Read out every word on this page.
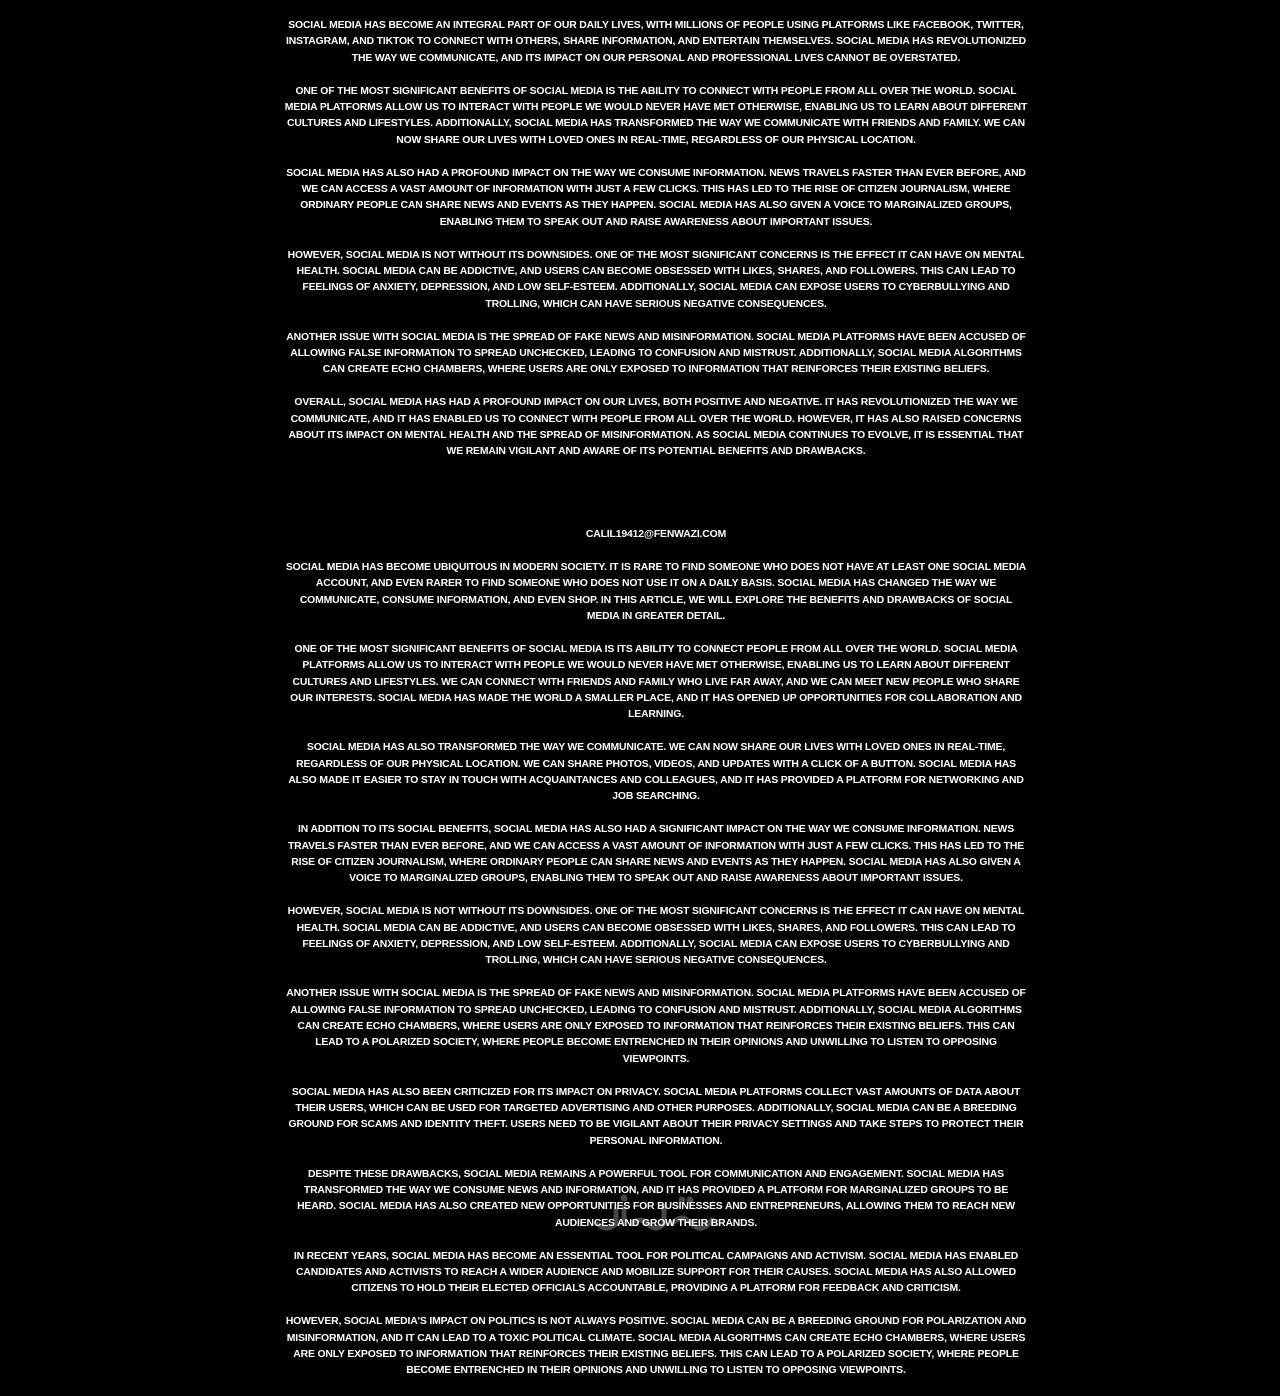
SOCIAL MEDIA HAS BECOME AN INTEGRAL PART OF OUR DAILY LIVES, WITH MILLIONS OF PEOPLE USING PLATFORMS LIKE FACEBOOK, TWITTER, INSTAGRAM, AND TIKTOK TO CONNECT WITH OTHERS, SHARE INFORMATION, AND ENTERTAIN THEMSELVES. SOCIAL MEDIA HAS REVOLUTIONIZED THE WAY WE COMMUNICATE, AND ITS IMPACT ON OUR PERSONAL AND PROFESSIONAL LIVES CANNOT BE OVERSTATED.

ONE OF THE MOST SIGNIFICANT BENEFITS OF SOCIAL MEDIA IS THE ABILITY TO CONNECT WITH PEOPLE FROM ALL OVER THE WORLD. SOCIAL MEDIA PLATFORMS ALLOW US TO INTERACT WITH PEOPLE WE WOULD NEVER HAVE MET OTHERWISE, ENABLING US TO LEARN ABOUT DIFFERENT CULTURES AND LIFESTYLES. ADDITIONALLY, SOCIAL MEDIA HAS TRANSFORMED THE WAY WE COMMUNICATE WITH FRIENDS AND FAMILY. WE CAN NOW SHARE OUR LIVES WITH LOVED ONES IN REAL-TIME, REGARDLESS OF OUR PHYSICAL LOCATION.

SOCIAL MEDIA HAS ALSO HAD A PROFOUND IMPACT ON THE WAY WE CONSUME INFORMATION. NEWS TRAVELS FASTER THAN EVER BEFORE, AND WE CAN ACCESS A VAST AMOUNT OF INFORMATION WITH JUST A FEW CLICKS. THIS HAS LED TO THE RISE OF CITIZEN JOURNALISM, WHERE ORDINARY PEOPLE CAN SHARE NEWS AND EVENTS AS THEY HAPPEN. SOCIAL MEDIA HAS ALSO GIVEN A VOICE TO MARGINALIZED GROUPS, ENABLING THEM TO SPEAK OUT AND RAISE AWARENESS ABOUT IMPORTANT ISSUES.

HOWEVER, SOCIAL MEDIA IS NOT WITHOUT ITS DOWNSIDES. ONE OF THE MOST SIGNIFICANT CONCERNS IS THE EFFECT IT CAN HAVE ON MENTAL HEALTH. SOCIAL MEDIA CAN BE ADDICTIVE, AND USERS CAN BECOME OBSESSED WITH LIKES, SHARES, AND FOLLOWERS. THIS CAN LEAD TO FEELINGS OF ANXIETY, DEPRESSION, AND LOW SELF-ESTEEM. ADDITIONALLY, SOCIAL MEDIA CAN EXPOSE USERS TO CYBERBULLYING AND TROLLING, WHICH CAN HAVE SERIOUS NEGATIVE CONSEQUENCES.

ANOTHER ISSUE WITH SOCIAL MEDIA IS THE SPREAD OF FAKE NEWS AND MISINFORMATION. SOCIAL MEDIA PLATFORMS HAVE BEEN ACCUSED OF ALLOWING FALSE INFORMATION TO SPREAD UNCHECKED, LEADING TO CONFUSION AND MISTRUST. ADDITIONALLY, SOCIAL MEDIA ALGORITHMS CAN CREATE ECHO CHAMBERS, WHERE USERS ARE ONLY EXPOSED TO INFORMATION THAT REINFORCES THEIR EXISTING BELIEFS.

OVERALL, SOCIAL MEDIA HAS HAD A PROFOUND IMPACT ON OUR LIVES, BOTH POSITIVE AND NEGATIVE. IT HAS REVOLUTIONIZED THE WAY WE COMMUNICATE, AND IT HAS ENABLED US TO CONNECT WITH PEOPLE FROM ALL OVER THE WORLD. HOWEVER, IT HAS ALSO RAISED CONCERNS ABOUT ITS IMPACT ON MENTAL HEALTH AND THE SPREAD OF MISINFORMATION. AS SOCIAL MEDIA CONTINUES TO EVOLVE, IT IS ESSENTIAL THAT WE REMAIN VIGILANT AND AWARE OF ITS POTENTIAL BENEFITS AND DRAWBACKS.

CALIL19412@FENWAZI.COM

SOCIAL MEDIA HAS BECOME UBIQUITOUS IN MODERN SOCIETY. IT IS RARE TO FIND SOMEONE WHO DOES NOT HAVE AT LEAST ONE SOCIAL MEDIA ACCOUNT, AND EVEN RARER TO FIND SOMEONE WHO DOES NOT USE IT ON A DAILY BASIS. SOCIAL MEDIA HAS CHANGED THE WAY WE COMMUNICATE, CONSUME INFORMATION, AND EVEN SHOP. IN THIS ARTICLE, WE WILL EXPLORE THE BENEFITS AND DRAWBACKS OF SOCIAL MEDIA IN GREATER DETAIL.

ONE OF THE MOST SIGNIFICANT BENEFITS OF SOCIAL MEDIA IS ITS ABILITY TO CONNECT PEOPLE FROM ALL OVER THE WORLD. SOCIAL MEDIA PLATFORMS ALLOW US TO INTERACT WITH PEOPLE WE WOULD NEVER HAVE MET OTHERWISE, ENABLING US TO LEARN ABOUT DIFFERENT CULTURES AND LIFESTYLES. WE CAN CONNECT WITH FRIENDS AND FAMILY WHO LIVE FAR AWAY, AND WE CAN MEET NEW PEOPLE WHO SHARE OUR INTERESTS. SOCIAL MEDIA HAS MADE THE WORLD A SMALLER PLACE, AND IT HAS OPENED UP OPPORTUNITIES FOR COLLABORATION AND LEARNING.

SOCIAL MEDIA HAS ALSO TRANSFORMED THE WAY WE COMMUNICATE. WE CAN NOW SHARE OUR LIVES WITH LOVED ONES IN REAL-TIME, REGARDLESS OF OUR PHYSICAL LOCATION. WE CAN SHARE PHOTOS, VIDEOS, AND UPDATES WITH A CLICK OF A BUTTON. SOCIAL MEDIA HAS ALSO MADE IT EASIER TO STAY IN TOUCH WITH ACQUAINTANCES AND COLLEAGUES, AND IT HAS PROVIDED A PLATFORM FOR NETWORKING AND JOB SEARCHING.

IN ADDITION TO ITS SOCIAL BENEFITS, SOCIAL MEDIA HAS ALSO HAD A SIGNIFICANT IMPACT ON THE WAY WE CONSUME INFORMATION. NEWS TRAVELS FASTER THAN EVER BEFORE, AND WE CAN ACCESS A VAST AMOUNT OF INFORMATION WITH JUST A FEW CLICKS. THIS HAS LED TO THE RISE OF CITIZEN JOURNALISM, WHERE ORDINARY PEOPLE CAN SHARE NEWS AND EVENTS AS THEY HAPPEN. SOCIAL MEDIA HAS ALSO GIVEN A VOICE TO MARGINALIZED GROUPS, ENABLING THEM TO SPEAK OUT AND RAISE AWARENESS ABOUT IMPORTANT ISSUES.

HOWEVER, SOCIAL MEDIA IS NOT WITHOUT ITS DOWNSIDES. ONE OF THE MOST SIGNIFICANT CONCERNS IS THE EFFECT IT CAN HAVE ON MENTAL HEALTH. SOCIAL MEDIA CAN BE ADDICTIVE, AND USERS CAN BECOME OBSESSED WITH LIKES, SHARES, AND FOLLOWERS. THIS CAN LEAD TO FEELINGS OF ANXIETY, DEPRESSION, AND LOW SELF-ESTEEM. ADDITIONALLY, SOCIAL MEDIA CAN EXPOSE USERS TO CYBERBULLYING AND TROLLING, WHICH CAN HAVE SERIOUS NEGATIVE CONSEQUENCES.

ANOTHER ISSUE WITH SOCIAL MEDIA IS THE SPREAD OF FAKE NEWS AND MISINFORMATION. SOCIAL MEDIA PLATFORMS HAVE BEEN ACCUSED OF ALLOWING FALSE INFORMATION TO SPREAD UNCHECKED, LEADING TO CONFUSION AND MISTRUST. ADDITIONALLY, SOCIAL MEDIA ALGORITHMS CAN CREATE ECHO CHAMBERS, WHERE USERS ARE ONLY EXPOSED TO INFORMATION THAT REINFORCES THEIR EXISTING BELIEFS. THIS CAN LEAD TO A POLARIZED SOCIETY, WHERE PEOPLE BECOME ENTRENCHED IN THEIR OPINIONS AND UNWILLING TO LISTEN TO OPPOSING VIEWPOINTS.

SOCIAL MEDIA HAS ALSO BEEN CRITICIZED FOR ITS IMPACT ON PRIVACY. SOCIAL MEDIA PLATFORMS COLLECT VAST AMOUNTS OF DATA ABOUT THEIR USERS, WHICH CAN BE USED FOR TARGETED ADVERTISING AND OTHER PURPOSES. ADDITIONALLY, SOCIAL MEDIA CAN BE A BREEDING GROUND FOR SCAMS AND IDENTITY THEFT. USERS NEED TO BE VIGILANT ABOUT THEIR PRIVACY SETTINGS AND TAKE STEPS TO PROTECT THEIR PERSONAL INFORMATION.

DESPITE THESE DRAWBACKS, SOCIAL MEDIA REMAINS A POWERFUL TOOL FOR COMMUNICATION AND ENGAGEMENT. SOCIAL MEDIA HAS TRANSFORMED THE WAY WE CONSUME NEWS AND INFORMATION, AND IT HAS PROVIDED A PLATFORM FOR MARGINALIZED GROUPS TO BE HEARD. SOCIAL MEDIA HAS ALSO CREATED NEW OPPORTUNITIES FOR BUSINESSES AND ENTREPRENEURS, ALLOWING THEM TO REACH NEW AUDIENCES AND GROW THEIR BRANDS.

IN RECENT YEARS, SOCIAL MEDIA HAS BECOME AN ESSENTIAL TOOL FOR POLITICAL CAMPAIGNS AND ACTIVISM. SOCIAL MEDIA HAS ENABLED CANDIDATES AND ACTIVISTS TO REACH A WIDER AUDIENCE AND MOBILIZE SUPPORT FOR THEIR CAUSES. SOCIAL MEDIA HAS ALSO ALLOWED CITIZENS TO HOLD THEIR ELECTED OFFICIALS ACCOUNTABLE, PROVIDING A PLATFORM FOR FEEDBACK AND CRITICISM.

HOWEVER, SOCIAL MEDIA'S IMPACT ON POLITICS IS NOT ALWAYS POSITIVE. SOCIAL MEDIA CAN BE A BREEDING GROUND FOR POLARIZATION AND MISINFORMATION, AND IT CAN LEAD TO A TOXIC POLITICAL CLIMATE. SOCIAL MEDIA ALGORITHMS CAN CREATE ECHO CHAMBERS, WHERE USERS ARE ONLY EXPOSED TO INFORMATION THAT REINFORCES THEIR EXISTING BELIEFS. THIS CAN LEAD TO A POLARIZED SOCIETY, WHERE PEOPLE BECOME ENTRENCHED IN THEIR OPINIONS AND UNWILLING TO LISTEN TO OPPOSING VIEWPOINTS.
